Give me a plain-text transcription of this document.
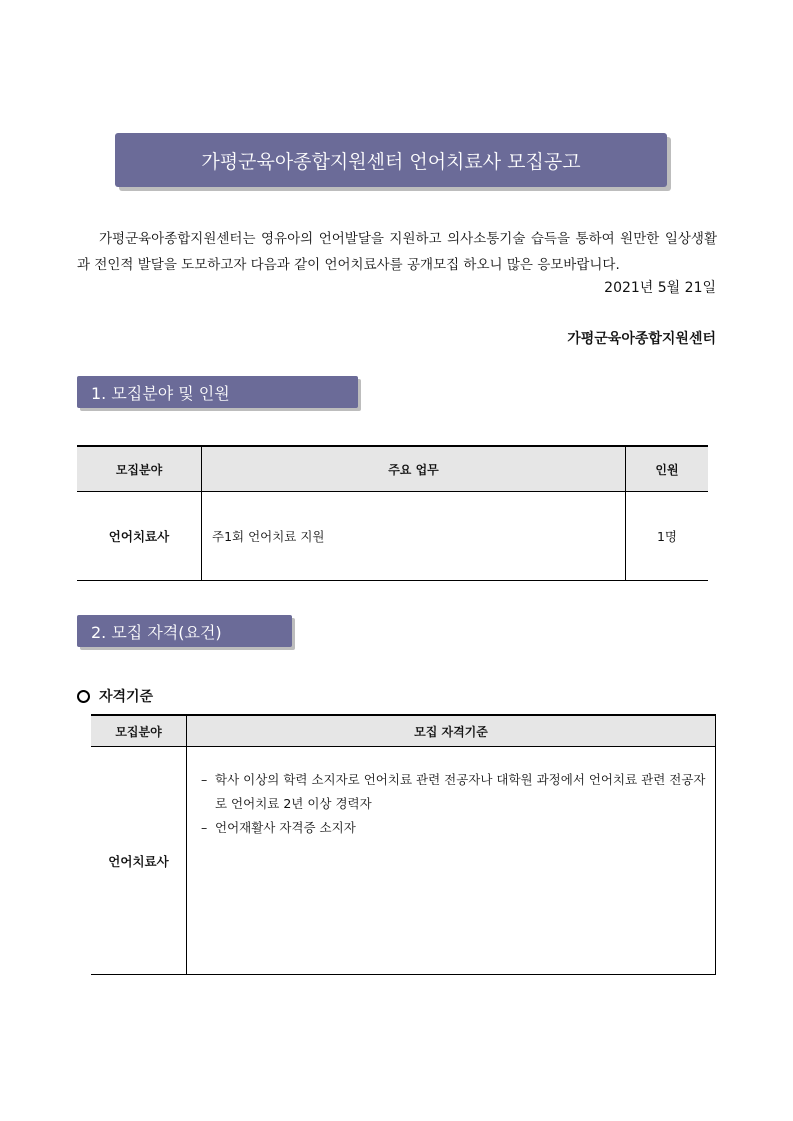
가평군육아종합지원센터 언어치료사 모집공고

가평군육아종합지원센터는 영유아의 언어발달을 지원하고 의사소통기술 습득을 통하여 원만한 일상생활과 전인적 발달을 도모하고자 다음과 같이 언어치료사를 공개모집 하오니 많은 응모바랍니다.

2021년 5월 21일
가평군육아종합지원센터
1. 모집분야 및 인원
모집분야	주요 업무	인원
언어치료사	주1회 언어치료 지원	1명
2. 모집 자격(요건)
자격기준
모집분야	모집 자격기준
언어치료사	– 학사 이상의 학력 소지자로 언어치료 관련 전공자나 대학원 과정에서 언어치료 관련 전공자로 언어치료 2년 이상 경력자
– 언어재활사 자격증 소지자
